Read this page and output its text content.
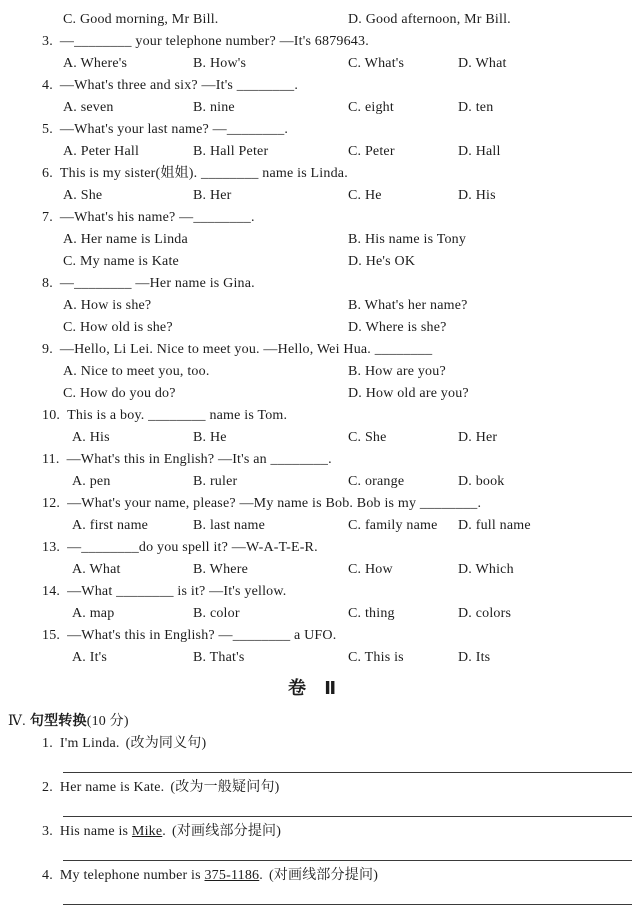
C. Good morning, Mr Bill.	D. Good afternoon, Mr Bill.
3. —________ your telephone number? —It's 6879643.
A. Where's	B. How's	C. What's	D. What
4. —What's three and six? —It's ________.
A. seven	B. nine	C. eight	D. ten
5. —What's your last name? —________.
A. Peter Hall	B. Hall Peter	C. Peter	D. Hall
6. This is my sister(姐姐). ________ name is Linda.
A. She	B. Her	C. He	D. His
7. —What's his name? —________.
A. Her name is Linda	B. His name is Tony
C. My name is Kate	D. He's OK
8. —________ —Her name is Gina.
A. How is she?	B. What's her name?
C. How old is she?	D. Where is she?
9. —Hello, Li Lei. Nice to meet you. —Hello, Wei Hua. ________
A. Nice to meet you, too.	B. How are you?
C. How do you do?	D. How old are you?
10. This is a boy. ________ name is Tom.
A. His	B. He	C. She	D. Her
11. —What's this in English? —It's an ________.
A. pen	B. ruler	C. orange	D. book
12. —What's your name, please? —My name is Bob. Bob is my ________.
A. first name	B. last name	C. family name D. full name
13. —________do you spell it? —W-A-T-E-R.
A. What	B. Where	C. How	D. Which
14. —What ________ is it? —It's yellow.
A. map	B. color	C. thing	D. colors
15. —What's this in English? —________ a UFO.
A. It's	B. That's	C. This is	D. Its
卷 Ⅱ
Ⅳ. 句型转换(10 分)
1. I'm Linda. (改为同义句)
2. Her name is Kate. (改为一般疑问句)
3. His name is Mike. (对画线部分提问)
4. My telephone number is 375-1186. (对画线部分提问)
